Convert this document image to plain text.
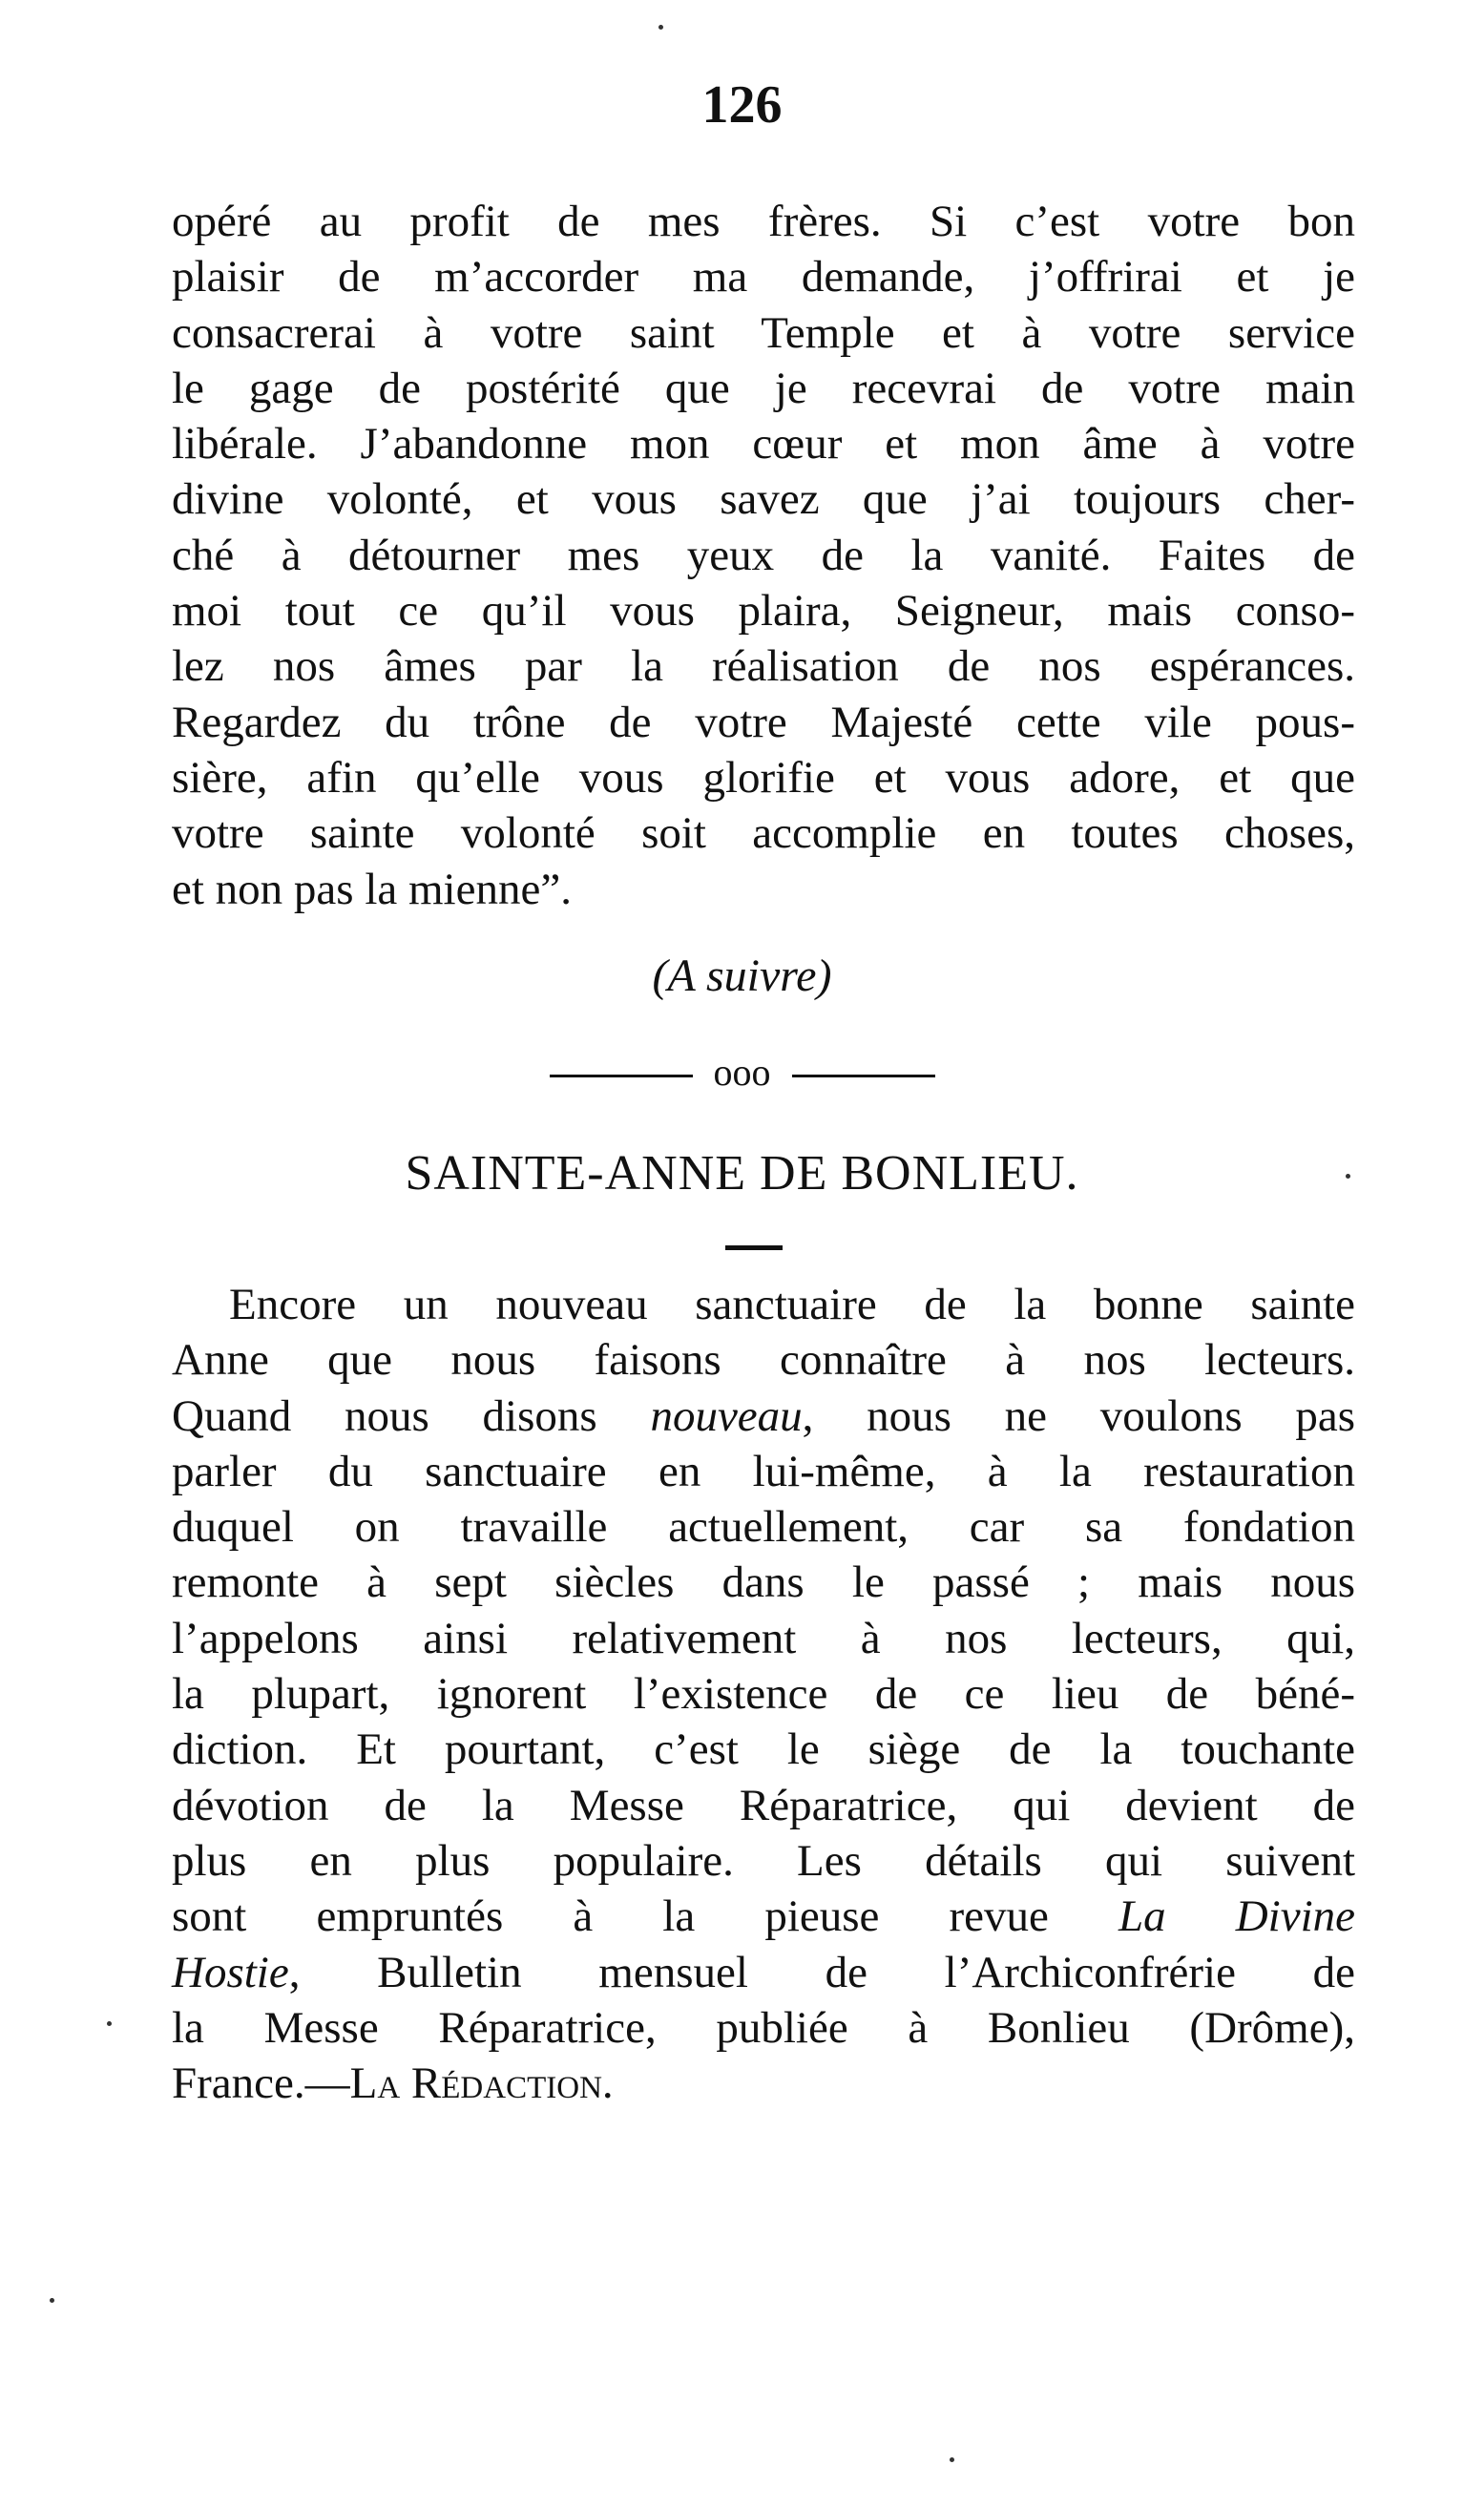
126
opéré au profit de mes frères. Si c’est votre bon
plaisir de m’accorder ma demande, j’offrirai et je
consacrerai à votre saint Temple et à votre service
le gage de postérité que je recevrai de votre main
libérale. J’abandonne mon cœur et mon âme à votre
divine volonté, et vous savez que j’ai toujours cher-
ché à détourner mes yeux de la vanité. Faites de
moi tout ce qu’il vous plaira, Seigneur, mais conso-
lez nos âmes par la réalisation de nos espérances.
Regardez du trône de votre Majesté cette vile pous-
sière, afin qu’elle vous glorifie et vous adore, et que
votre sainte volonté soit accomplie en toutes choses,
et non pas la mienne”.
(A suivre)
ooo
SAINTE-ANNE DE BONLIEU.
Encore un nouveau sanctuaire de la bonne sainte
Anne que nous faisons connaître à nos lecteurs.
Quand nous disons nouveau, nous ne voulons pas
parler du sanctuaire en lui-même, à la restauration
duquel on travaille actuellement, car sa fondation
remonte à sept siècles dans le passé ; mais nous
l’appelons ainsi relativement à nos lecteurs, qui,
la plupart, ignorent l’existence de ce lieu de béné-
diction. Et pourtant, c’est le siège de la touchante
dévotion de la Messe Réparatrice, qui devient de
plus en plus populaire. Les détails qui suivent
sont empruntés à la pieuse revue La Divine
Hostie, Bulletin mensuel de l’Archiconfrérie de
la Messe Réparatrice, publiée à Bonlieu (Drôme),
France.—La Rédaction.
